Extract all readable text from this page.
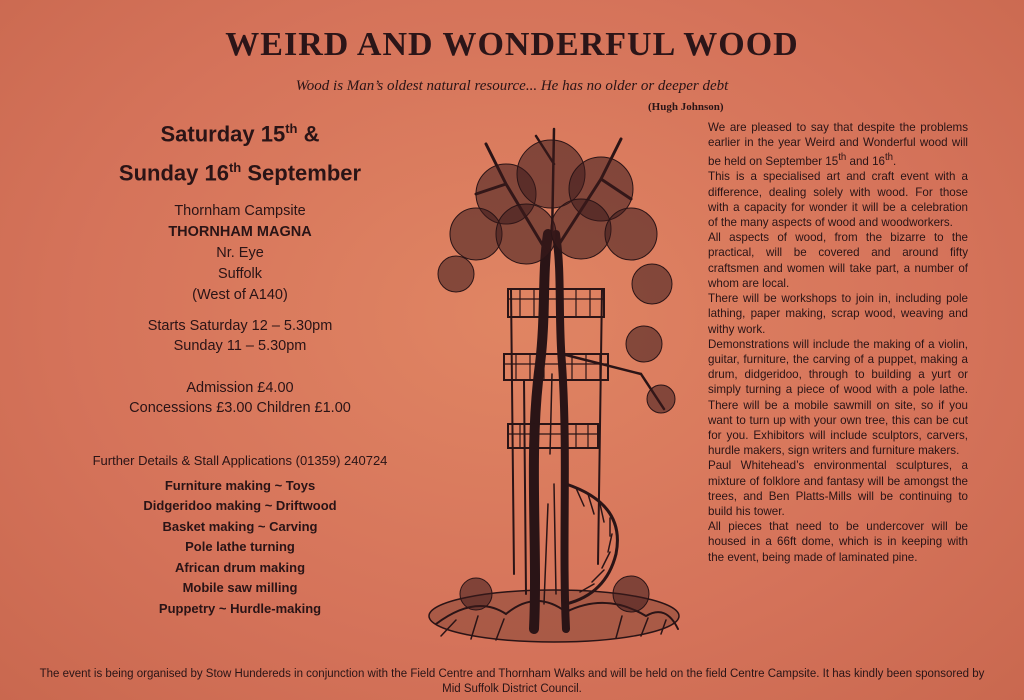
WEIRD AND WONDERFUL WOOD
Wood is Man’s oldest natural resource... He has no older or deeper debt
(Hugh Johnson)
Saturday 15th &
Sunday 16th September
Thornham Campsite
THORNHAM MAGNA
Nr. Eye
Suffolk
(West of A140)
Starts Saturday 12 – 5.30pm
Sunday 11 – 5.30pm
Admission £4.00
Concessions £3.00 Children £1.00
Further Details & Stall Applications (01359) 240724
Furniture making ~ Toys
Didgeridoo making ~ Driftwood
Basket making ~ Carving
Pole lathe turning
African drum making
Mobile saw milling
Puppetry ~ Hurdle-making

We are pleased to say that despite the problems earlier in the year Weird and Wonderful wood will be held on September 15th and 16th.

This is a specialised art and craft event with a difference, dealing solely with wood. For those with a capacity for wonder it will be a celebration of the many aspects of wood and woodworkers.

All aspects of wood, from the bizarre to the practical, will be covered and around fifty craftsmen and women will take part, a number of whom are local.

There will be workshops to join in, including pole lathing, paper making, scrap wood, weaving and withy work.

Demonstrations will include the making of a violin, guitar, furniture, the carving of a puppet, making a drum, didgeridoo, through to building a yurt or simply turning a piece of wood with a pole lathe. There will be a mobile sawmill on site, so if you want to turn up with your own tree, this can be cut for you. Exhibitors will include sculptors, carvers, hurdle makers, sign writers and furniture makers.

Paul Whitehead’s environmental sculptures, a mixture of folklore and fantasy will be amongst the trees, and Ben Platts-Mills will be continuing to build his tower.

All pieces that need to be undercover will be housed in a 66ft dome, which is in keeping with the event, being made of laminated pine.

The event is being organised by Stow Hundereds in conjunction with the Field Centre and Thornham Walks and will be held on the field Centre Campsite. It has kindly been sponsored by Mid Suffolk District Council.
